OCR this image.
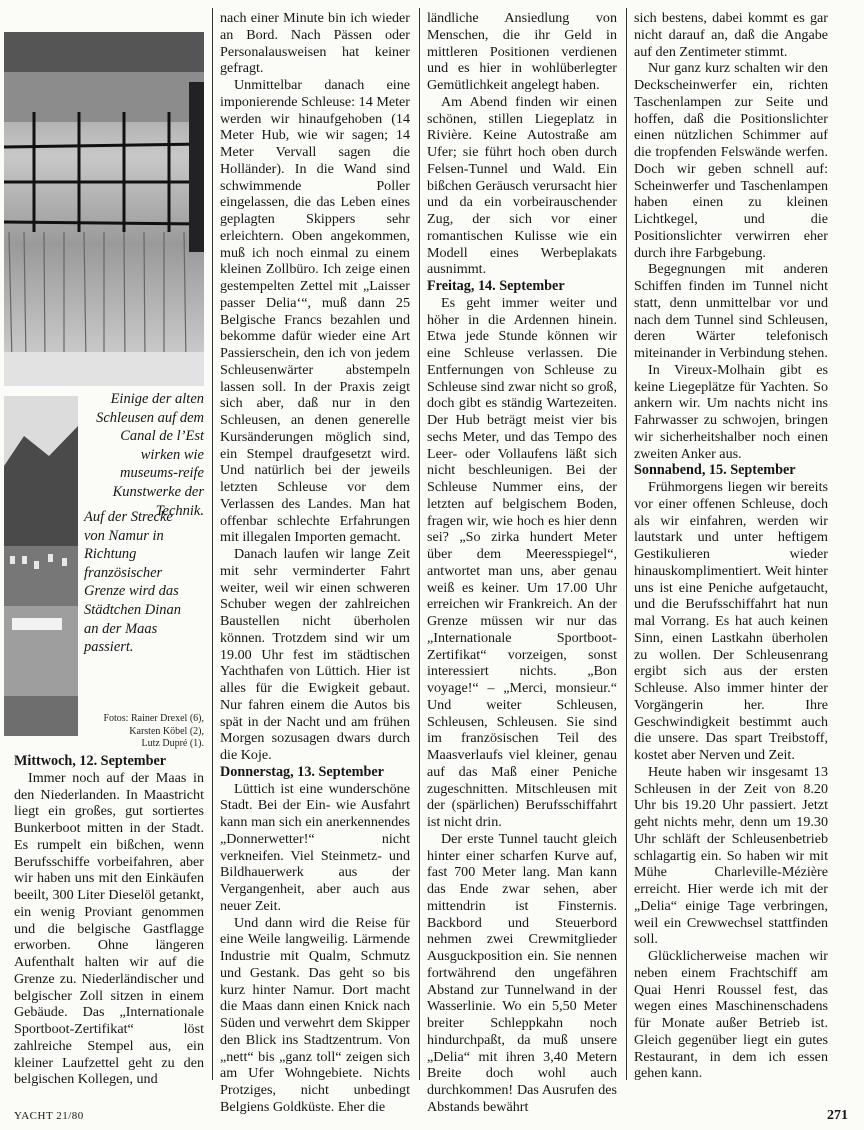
Einige der alten Schleusen auf dem Canal de l’Est wirken wie museums-reife Kunstwerke der Technik.
Auf der Strecke von Namur in Richtung französischer Grenze wird das Städtchen Dinan an der Maas passiert.
Fotos: Rainer Drexel (6),
Karsten Köbel (2),
Lutz Dupré (1).
Mittwoch, 12. September

Immer noch auf der Maas in den Niederlanden. In Maastricht liegt ein großes, gut sortiertes Bunkerboot mitten in der Stadt. Es rumpelt ein bißchen, wenn Berufsschiffe vorbeifahren, aber wir haben uns mit den Einkäufen beeilt, 300 Liter Dieselöl getankt, ein wenig Proviant genommen und die belgische Gastflagge erworben. Ohne längeren Aufenthalt halten wir auf die Grenze zu. Niederländischer und belgischer Zoll sitzen in einem Gebäude. Das „Internationale Sportboot-Zertifikat“ löst zahlreiche Stempel aus, ein kleiner Laufzettel geht zu den belgischen Kollegen, und

nach einer Minute bin ich wieder an Bord. Nach Pässen oder Personalausweisen hat keiner gefragt.

Unmittelbar danach eine imponierende Schleuse: 14 Meter werden wir hinaufgehoben (14 Meter Hub, wie wir sagen; 14 Meter Vervall sagen die Holländer). In die Wand sind schwimmende Poller eingelassen, die das Leben eines geplagten Skippers sehr erleichtern. Oben angekommen, muß ich noch einmal zu einem kleinen Zollbüro. Ich zeige einen gestempelten Zettel mit „Laisser passer Delia‘“, muß dann 25 Belgische Francs bezahlen und bekomme dafür wieder eine Art Passierschein, den ich von jedem Schleusenwärter abstempeln lassen soll. In der Praxis zeigt sich aber, daß nur in den Schleusen, an denen generelle Kursänderungen möglich sind, ein Stempel draufgesetzt wird. Und natürlich bei der jeweils letzten Schleuse vor dem Verlassen des Landes. Man hat offenbar schlechte Erfahrungen mit illegalen Importen gemacht.

Danach laufen wir lange Zeit mit sehr verminderter Fahrt weiter, weil wir einen schweren Schuber wegen der zahlreichen Baustellen nicht überholen können. Trotzdem sind wir um 19.00 Uhr fest im städtischen Yachthafen von Lüttich. Hier ist alles für die Ewigkeit gebaut. Nur fahren einem die Autos bis spät in der Nacht und am frühen Morgen sozusagen dwars durch die Koje.

Donnerstag, 13. September

Lüttich ist eine wunderschöne Stadt. Bei der Ein- wie Ausfahrt kann man sich ein anerkennendes „Donnerwetter!“ nicht verkneifen. Viel Steinmetz- und Bildhauerwerk aus der Vergangenheit, aber auch aus neuer Zeit.

Und dann wird die Reise für eine Weile langweilig. Lärmende Industrie mit Qualm, Schmutz und Gestank. Das geht so bis kurz hinter Namur. Dort macht die Maas dann einen Knick nach Süden und verwehrt dem Skipper den Blick ins Stadtzentrum. Von „nett“ bis „ganz toll“ zeigen sich am Ufer Wohngebiete. Nichts Protziges, nicht unbedingt Belgiens Goldküste. Eher die

ländliche Ansiedlung von Menschen, die ihr Geld in mittleren Positionen verdienen und es hier in wohlüberlegter Gemütlichkeit angelegt haben.

Am Abend finden wir einen schönen, stillen Liegeplatz in Rivière. Keine Autostraße am Ufer; sie führt hoch oben durch Felsen-Tunnel und Wald. Ein bißchen Geräusch verursacht hier und da ein vorbeirauschender Zug, der sich vor einer romantischen Kulisse wie ein Modell eines Werbeplakats ausnimmt.

Freitag, 14. September

Es geht immer weiter und höher in die Ardennen hinein. Etwa jede Stunde können wir eine Schleuse verlassen. Die Entfernungen von Schleuse zu Schleuse sind zwar nicht so groß, doch gibt es ständig Wartezeiten. Der Hub beträgt meist vier bis sechs Meter, und das Tempo des Leer- oder Vollaufens läßt sich nicht beschleunigen. Bei der Schleuse Nummer eins, der letzten auf belgischem Boden, fragen wir, wie hoch es hier denn sei? „So zirka hundert Meter über dem Meeresspiegel“, antwortet man uns, aber genau weiß es keiner. Um 17.00 Uhr erreichen wir Frankreich. An der Grenze müssen wir nur das „Internationale Sportboot-Zertifikat“ vorzeigen, sonst interessiert nichts. „Bon voyage!“ – „Merci, monsieur.“ Und weiter Schleusen, Schleusen, Schleusen. Sie sind im französischen Teil des Maasverlaufs viel kleiner, genau auf das Maß einer Peniche zugeschnitten. Mitschleusen mit der (spärlichen) Berufsschiffahrt ist nicht drin.

Der erste Tunnel taucht gleich hinter einer scharfen Kurve auf, fast 700 Meter lang. Man kann das Ende zwar sehen, aber mittendrin ist Finsternis. Backbord und Steuerbord nehmen zwei Crewmitglieder Ausguckposition ein. Sie nennen fortwährend den ungefähren Abstand zur Tunnelwand in der Wasserlinie. Wo ein 5,50 Meter breiter Schleppkahn noch hindurchpaßt, da muß unsere „Delia“ mit ihren 3,40 Metern Breite doch wohl auch durchkommen! Das Ausrufen des Abstands bewährt

sich bestens, dabei kommt es gar nicht darauf an, daß die Angabe auf den Zentimeter stimmt.

Nur ganz kurz schalten wir den Deckscheinwerfer ein, richten Taschenlampen zur Seite und hoffen, daß die Positionslichter einen nützlichen Schimmer auf die tropfenden Felswände werfen. Doch wir geben schnell auf: Scheinwerfer und Taschenlampen haben einen zu kleinen Lichtkegel, und die Positionslichter verwirren eher durch ihre Farbgebung.

Begegnungen mit anderen Schiffen finden im Tunnel nicht statt, denn unmittelbar vor und nach dem Tunnel sind Schleusen, deren Wärter telefonisch miteinander in Verbindung stehen.

In Vireux-Molhain gibt es keine Liegeplätze für Yachten. So ankern wir. Um nachts nicht ins Fahrwasser zu schwojen, bringen wir sicherheitshalber noch einen zweiten Anker aus.

Sonnabend, 15. September

Frühmorgens liegen wir bereits vor einer offenen Schleuse, doch als wir einfahren, werden wir lautstark und unter heftigem Gestikulieren wieder hinauskomplimentiert. Weit hinter uns ist eine Peniche aufgetaucht, und die Berufsschiffahrt hat nun mal Vorrang. Es hat auch keinen Sinn, einen Lastkahn überholen zu wollen. Der Schleusenrang ergibt sich aus der ersten Schleuse. Also immer hinter der Vorgängerin her. Ihre Geschwindigkeit bestimmt auch die unsere. Das spart Treibstoff, kostet aber Nerven und Zeit.

Heute haben wir insgesamt 13 Schleusen in der Zeit von 8.20 Uhr bis 19.20 Uhr passiert. Jetzt geht nichts mehr, denn um 19.30 Uhr schläft der Schleusenbetrieb schlagartig ein. So haben wir mit Mühe Charleville-Mézière erreicht. Hier werde ich mit der „Delia“ einige Tage verbringen, weil ein Crewwechsel stattfinden soll.

Glücklicherweise machen wir neben einem Frachtschiff am Quai Henri Roussel fest, das wegen eines Maschinenschadens für Monate außer Betrieb ist. Gleich gegenüber liegt ein gutes Restaurant, in dem ich essen gehen kann.

YACHT 21/80	271
